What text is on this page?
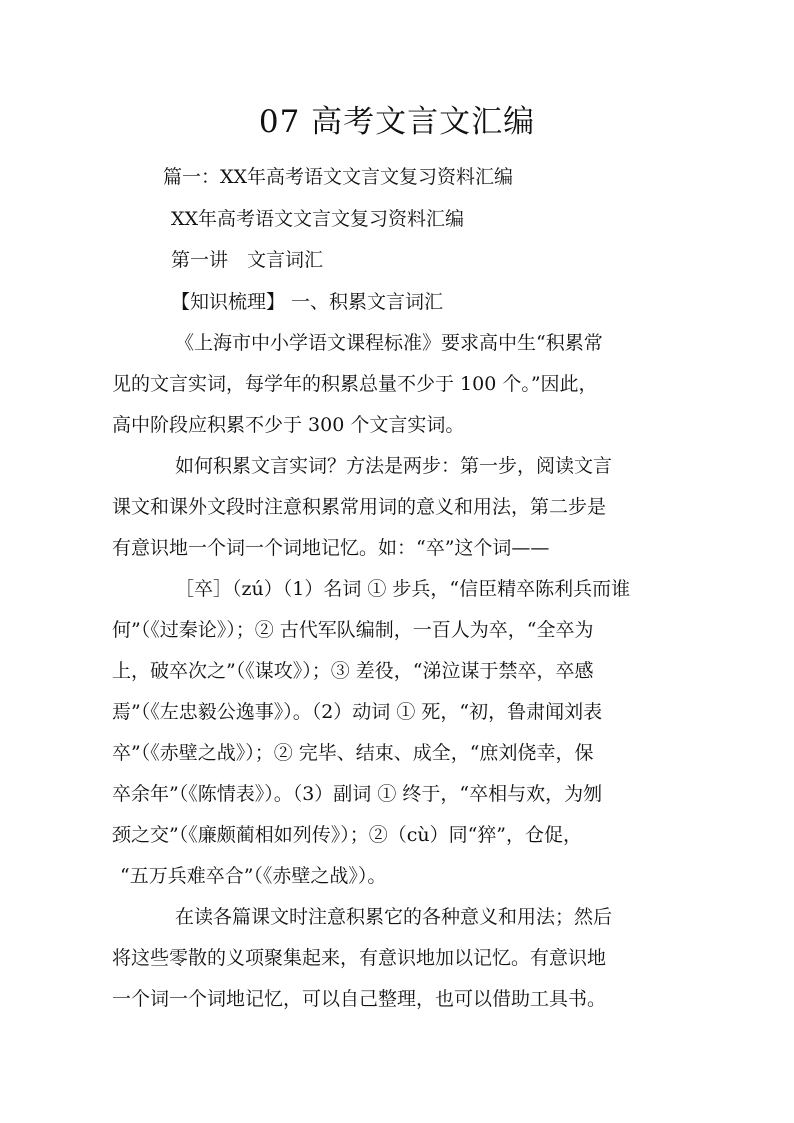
07 高考文言文汇编

篇一：XX年高考语文文言文复习资料汇编

XX年高考语文文言文复习资料汇编

第一讲　文言词汇

【知识梳理】 一、积累文言词汇

《上海市中小学语文课程标准》要求高中生“积累常

见的文言实词，每学年的积累总量不少于 100 个。”因此，

高中阶段应积累不少于 300 个文言实词。

如何积累文言实词？方法是两步：第一步，阅读文言

课文和课外文段时注意积累常用词的意义和用法，第二步是

有意识地一个词一个词地记忆。如：“卒”这个词——

［卒］（zú）（1）名词 ① 步兵，“信臣精卒陈利兵而谁

何”（《过秦论》）；② 古代军队编制，一百人为卒，“全卒为

上，破卒次之”（《谋攻》）；③ 差役，“涕泣谋于禁卒，卒感

焉”（《左忠毅公逸事》）。（2）动词 ① 死，“初，鲁肃闻刘表

卒”（《赤壁之战》）；② 完毕、结束、成全，“庶刘侥幸，保

卒余年”（《陈情表》）。（3）副词 ① 终于，“卒相与欢，为刎

颈之交”（《廉颇蔺相如列传》）；②（cù）同“猝”，仓促，

“五万兵难卒合”（《赤壁之战》）。

在读各篇课文时注意积累它的各种意义和用法；然后

将这些零散的义项聚集起来，有意识地加以记忆。有意识地

一个词一个词地记忆，可以自己整理，也可以借助工具书。
